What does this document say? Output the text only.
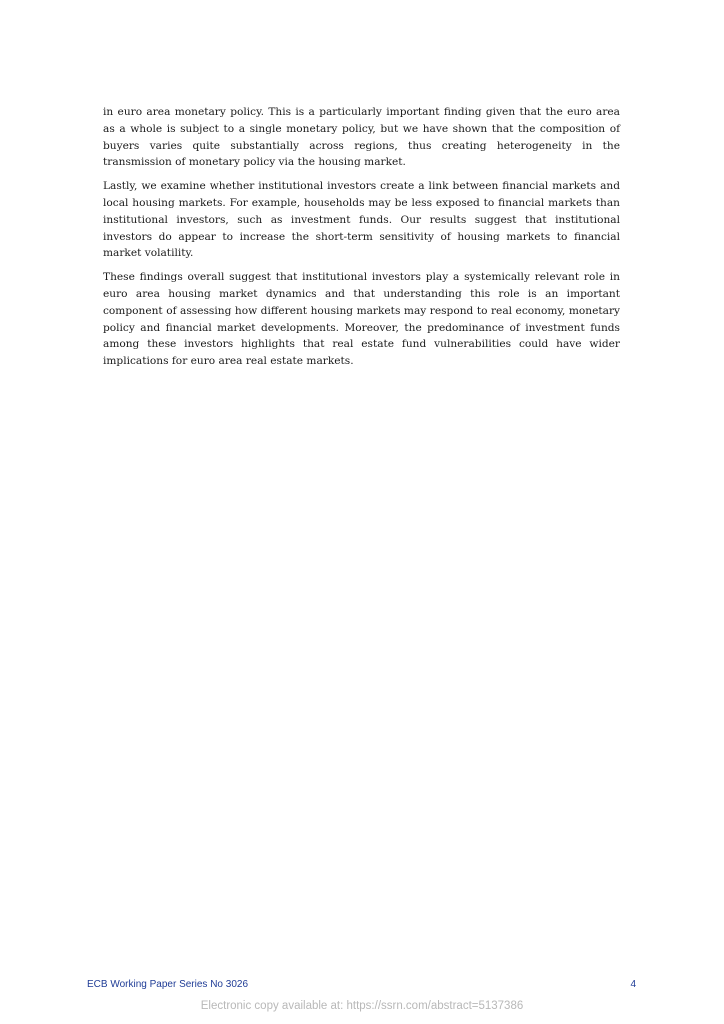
in euro area monetary policy. This is a particularly important finding given that the euro area as a whole is subject to a single monetary policy, but we have shown that the composition of buyers varies quite substantially across regions, thus creating heterogeneity in the transmission of monetary policy via the housing market.

Lastly, we examine whether institutional investors create a link between financial markets and local housing markets. For example, households may be less exposed to financial markets than institutional investors, such as investment funds. Our results suggest that institutional investors do appear to increase the short-term sensitivity of housing markets to financial market volatility.

These findings overall suggest that institutional investors play a systemically relevant role in euro area housing market dynamics and that understanding this role is an important component of assessing how different housing markets may respond to real economy, monetary policy and financial market developments. Moreover, the predominance of investment funds among these investors highlights that real estate fund vulnerabilities could have wider implications for euro area real estate markets.

ECB Working Paper Series No 3026	4
Electronic copy available at: https://ssrn.com/abstract=5137386
